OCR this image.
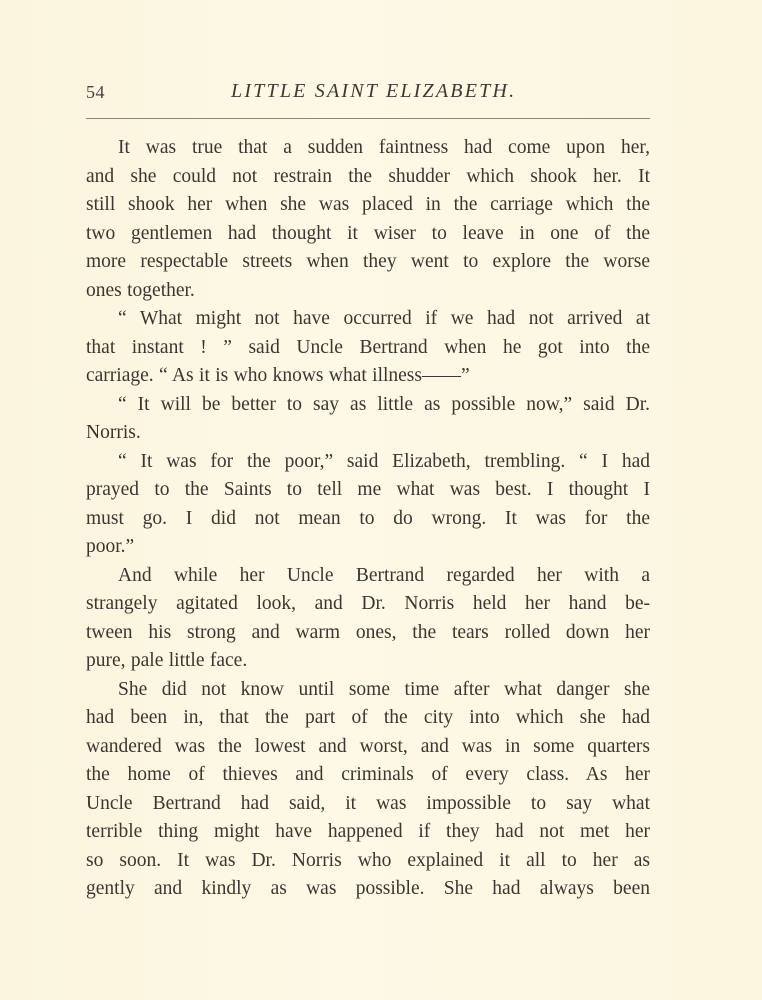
54	LITTLE SAINT ELIZABETH.
It was true that a sudden faintness had come upon her,
and she could not restrain the shudder which shook her. It
still shook her when she was placed in the carriage which the
two gentlemen had thought it wiser to leave in one of the
more respectable streets when they went to explore the worse
ones together.
“ What might not have occurred if we had not arrived at
that instant ! ” said Uncle Bertrand when he got into the
carriage. “ As it is who knows what illness——”
“ It will be better to say as little as possible now,” said Dr.
Norris.
“ It was for the poor,” said Elizabeth, trembling. “ I had
prayed to the Saints to tell me what was best. I thought I
must go. I did not mean to do wrong. It was for the
poor.”
And while her Uncle Bertrand regarded her with a
strangely agitated look, and Dr. Norris held her hand be-
tween his strong and warm ones, the tears rolled down her
pure, pale little face.
She did not know until some time after what danger she
had been in, that the part of the city into which she had
wandered was the lowest and worst, and was in some quarters
the home of thieves and criminals of every class. As her
Uncle Bertrand had said, it was impossible to say what
terrible thing might have happened if they had not met her
so soon. It was Dr. Norris who explained it all to her as
gently and kindly as was possible. She had always been
